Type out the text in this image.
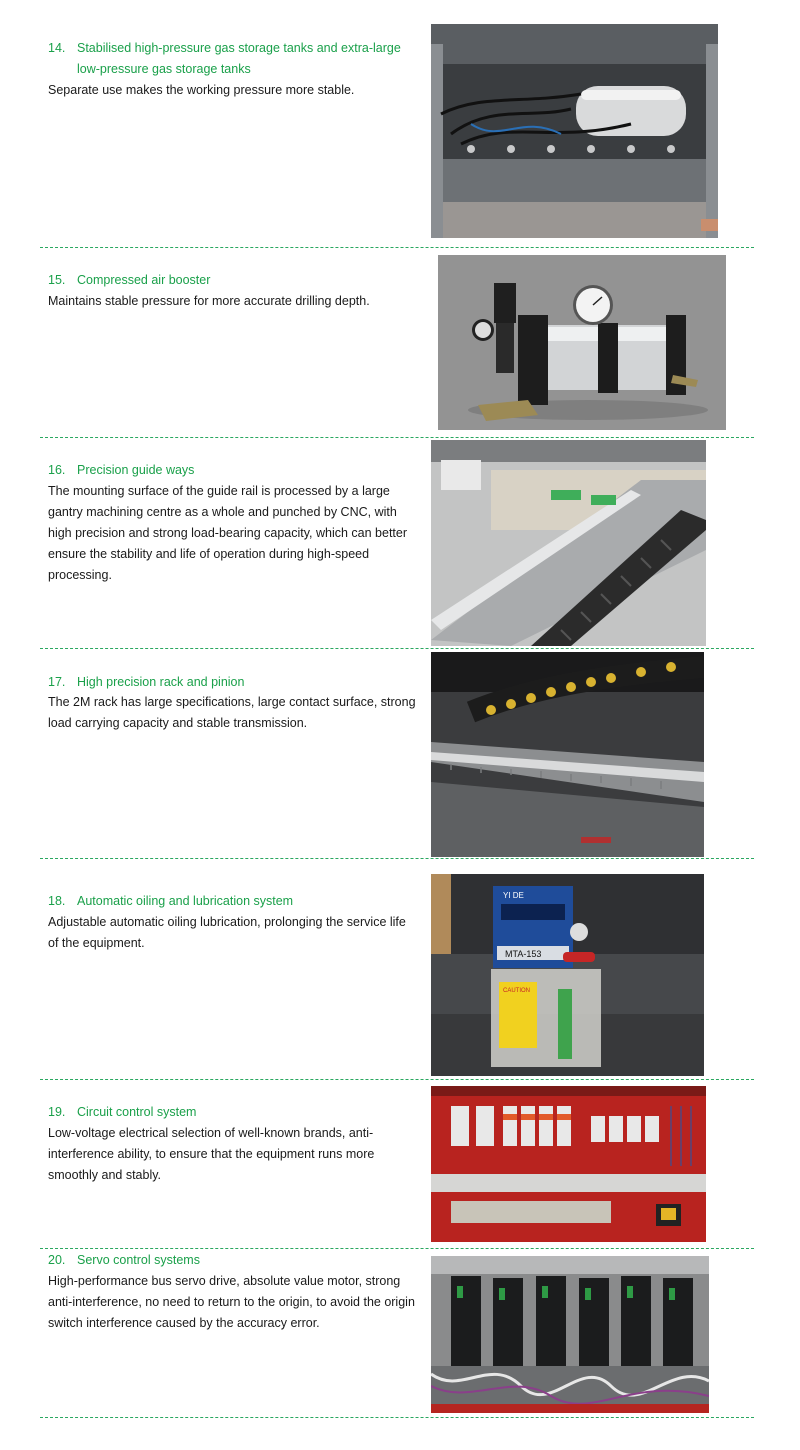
14. Stabilised high-pressure gas storage tanks and extra-large low-pressure gas storage tanks
Separate use makes the working pressure more stable.
15. Compressed air booster
Maintains stable pressure for more accurate drilling depth.
16. Precision guide ways
The mounting surface of the guide rail is processed by a large gantry machining centre as a whole and punched by CNC, with high precision and strong load-bearing capacity, which can better ensure the stability and life of operation during high-speed processing.
17. High precision rack and pinion
The 2M rack has large specifications, large contact surface, strong load carrying capacity and stable transmission.
18. Automatic oiling and lubrication system
Adjustable automatic oiling lubrication, prolonging the service life of the equipment.
YI DE
MTA-153
CAUTION
19. Circuit control system
Low-voltage electrical selection of well-known brands, anti-interference ability, to ensure that the equipment runs more smoothly and stably.
20. Servo control systems
High-performance bus servo drive, absolute value motor, strong anti-interference, no need to return to the origin, to avoid the origin switch interference caused by the accuracy error.
